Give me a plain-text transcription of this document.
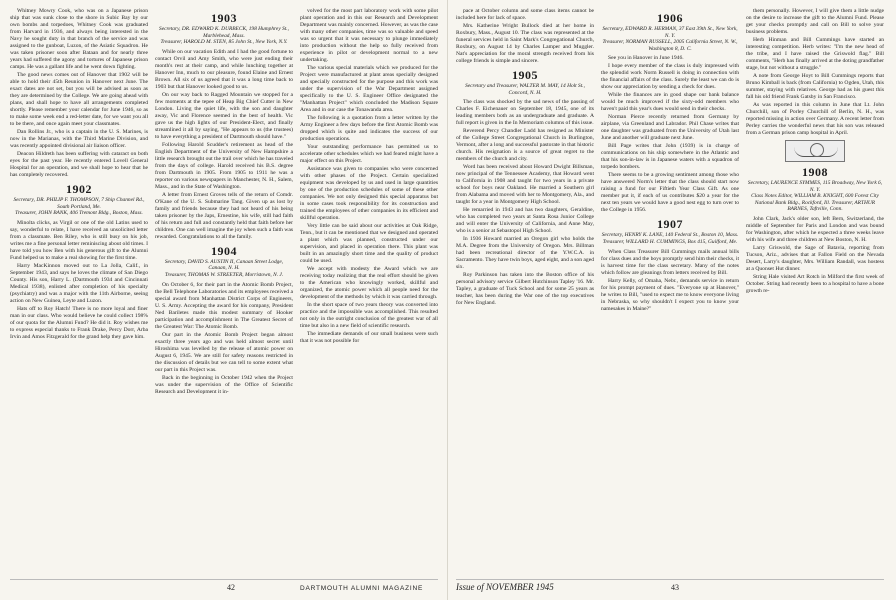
Whitney Mowry Cook, who was on a Japanese prison ship that was sunk close to the shore in Subic Bay by our own bombs and torpedoes, Whitney Cook was graduated from Harvard in 1936, and always being interested in the Navy he sought duty in that branch of the service and was assigned to the gunboat, Luzon, of the Asiatic Squadron. He was taken prisoner soon after Bataan and for nearly three years had suffered the agony and tortures of Japanese prison camps. He was a gallant life and he went down fighting.

The good news comes out of Hanover that 1902 will be able to hold their 45th Reunion in Hanover next June. The exact dates are not set, but you will be advised as soon as they are determined by the College. We are going ahead with plans, and shall hope to have all arrangements completed shortly. Please remember your calendar for June 1946, so as to make some week end a red-letter date, for we want you all to be there, and once again meet your classmates.

Dan Rollins Jr., who is a captain in the U. S. Marines, is now in the Marianas, with the Third Marine Division, and was recently appointed divisional air liaison officer.

Deacon Hildreth has been suffering with cataract on both eyes for the past year. He recently entered Lovell General Hospital for an operation, and we shall hope to hear that he has completely recovered.

1902
Secretary, DR. PHILIP F. THOMPSON, 7 Ship Channel Rd., South Portland, Me.
Treasurer, JOHN BANK, 406 Tremont Bldg., Boston, Mass.

Minolta clicks, as Virgil or one of the old Latins used to say, wonderful to relate, I have received an unsolicited letter from a classmate. Ben Riley, who is still busy on his job, writes me a fine personal letter reminiscing about old times. I have told you how Ben with his generous gift to the Alumni Fund helped us to make a real showing for the first time.

Harry MacKinnon moved out to La Jolla, Calif., in September 1943, and says he loves the climate of San Diego County. His son, Harry L. (Dartmouth 1934 and Cincinnati Medical 1938), enlisted after completion of his specialty (psychiatry) and was a major with the 11th Airborne, seeing action on New Guinea, Leyte and Luzon.

Hats off to Roy Hatch! There is no more loyal and finer man in our class. Who would believe he could collect 198% of our quota for the Alumni Fund? He did it. Roy wishes me to express especial thanks to Frank Drake, Percy Dorr, Arba Irvin and Amos Fitzgerald for the grand help they gave him.

1903
Secretary, DR. EDWARD K. DURBECK, 198 Humphrey St., Marblehead, Mass.
Treasurer, HAROLD M. STEN, 85 John St., New York, N.Y.

While on our vacation Edith and I had the good fortune to contact Orvil and Amy Smith, who were just ending their month's rest at their camp, and while lunching together at Hanover Inn, much to our pleasure, found Elaine and Ernest Brown. All six of us agreed that it was a long time back to 1903 but that Hanover looked good to us.

On our way back to Ragged Mountain we stopped for a few moments at the tepee of Heap Big Chief Cutter in New London. Living the quiet life, with the son and daughter away, Vic and Florence seemed in the best of health. Vic gave us the high lights of our President-Elect, and finally streamlined it all by saying, "He appears to us (the trustees) to have everything a president of Dartmouth should have."

Following Harold Scudder's retirement as head of the English Department of the University of New Hampshire a little research brought out the trail over which he has traveled from the days of college. Harold received his B.S. degree from Dartmouth in 1905. From 1905 to 1911 he was a reporter on various newspapers in Manchester, N. H., Salem, Mass., and in the State of Washington.

A letter from Ernest Groves tells of the return of Comdr. O'Kane of the U. S. Submarine Tang. Given up as lost by family and friends because they had not heard of his being taken prisoner by the Japs, Ernestine, his wife, still had faith of his return and full and constantly held that faith before her children. One can well imagine the joy when such a faith was rewarded. Congratulations to all the family.

1904
Secretary, DAVID S. AUSTIN II, Canaan Street Lodge, Canaan, N. H.
Treasurer, THOMAS W. STREETER, Morristown, N. J.

On October 6, for their part in the Atomic Bomb Project, the Bell Telephone Laboratories and its employees received a special award from Manhattan District Corps of Engineers, U. S. Army. Accepting the award for his company, President Ned Bariletes made this modest summary of Hooker participation and accomplishment in The Greatest Secret of the Greatest War: The Atomic Bomb.

Our part in the Atomic Bomb Project began almost exactly three years ago and was held almost secret until Hiroshima was levelled by the release of atomic power on August 6, 1945. We are still for safety reasons restricted in the discussion of details but we can tell to some extent what our part in this Project was.

Back in the beginning in October 1942 when the Project was under the supervision of the Office of Scientific Research and Development it in-

volved for the most part laboratory work with some pilot plant operation and in this our Research and Development Department was mainly concerned. However, as was the case with many other companies, time was so valuable and speed was so urgent that it was necessary to plunge immediately into production without the help so fully received from experience in pilot or development normal to a new undertaking.

The various special materials which we produced for the Project were manufactured at plant areas specially designed and specially constructed for the purpose and this work was under the supervision of the War Department assigned specifically to the U. S. Engineer Office designated the "Manhattan Project" which concluded the Madison Square Area and in our case the Tonawanda area.

The following is a quotation from a letter written by the Army Engineer a few days before the first Atomic Bomb was dropped which is quite and indicates the success of our production operations.

Your outstanding performance has permitted us to accelerate other schedules which we had feared might have a major effect on this Project.

Assistance was given to companies who were concerned with other phases of the Project. Certain specialized equipment was developed by us and used in large quantities by one of the production schedules of some of these other companies. We not only designed this special apparatus but in some cases took responsibility for its construction and trained the employees of other companies in its efficient and skillful operation.

Very little can be said about our activities at Oak Ridge, Tenn., but it can be mentioned that we designed and operated a plant which was planned, constructed under our supervision, and placed in operation there. This plant was built in an amazingly short time and the quality of product could be used.

We accept with modesty the Award which we are receiving today realizing that the real effort should be given to the American who knowingly worked, skillful and organized, the atomic power which all people need for the development of the methods by which it was carried through.

In the short space of two years theory was converted into practice and the impossible was accomplished. This resulted not only in the outright conclusion of the greatest war of all time but also in a new field of scientific research.

The immediate demands of our small business were such that it was not possible for

42	DARTMOUTH ALUMNI MAGAZINE

pace at October column and some class items cannot be included here for lack of space.

Mrs. Katherine Wright Bullock died at her home in Roxbury, Mass., August 10. The class was represented at the funeral services held in Saint Mark's Congregational Church, Roxbury, on August 14 by Charles Lamper and Muggler. Nat's appreciation for the moral strength received from his college friends is simple and sincere.

1905
Secretary and Treasurer, WALTER M. MAY, 14 Holt St., Concord, N. H.

The class was shocked by the sad news of the passing of Charles F. Eichenauer on September 18, 1945, one of its leading members both as an undergraduate and graduate. A full report is given in the In Memoriam columns of this issue.

Reverend Percy Chandler Ladd has resigned as Minister of the College Street Congregational Church in Burlington, Vermont, after a long and successful pastorate in that historic church. His resignation is a source of great regret to the members of the church and city.

Word has been received about Howard Dwight Billsman, now principal of the Tennessee Academy, that Howard went to California in 1908 and taught for two years in a private school for boys near Oakland. He married a Southern girl from Alabama and moved with her to Montgomery, Ala., and taught for a year in Montgomery High School.

He remarried in 1943 and has two daughters, Geraldine, who has completed two years at Santa Rosa Junior College and will enter the University of California, and Anne May, who is a senior at Sebastopol High School.

In 1936 Howard married an Oregon girl who holds the M.A. Degree from the University of Oregon. Mrs. Billman had been recreational director of the Y.W.C.A. in Sacramento. They have twin boys, aged eight, and a son aged six.

Roy Parkinson has taken into the Boston office of his personal advisory service Gilbert Hutchinson Tapley '16. Mr. Tapley, a graduate of Tuck School and for some 25 years as teacher, has been during the War one of the top executives for New England.

1906
Secretary, EDWARD R. HERMAN, 37 East 39th St., New York, N. Y.
Treasurer, NORMAN RUSSELL, 2005 California Street, N. W., Washington 8, D. C.

See you in Hanover in June 1946.

I hope every member of the class is duly impressed with the splendid work Norm Russell is doing in connection with the financial affairs of the class. Surely the least we can do is show our appreciation by sending a check for dues.

While the finances are in good shape our bank balance would be much improved if the sixty-odd members who haven't paid this year's dues would send in their checks.

Norman Pierce recently returned from Germany by airplane, via Greenland and Labrador. Phil Chase writes that one daughter was graduated from the University of Utah last June and another will graduate next June.

Bill Page writes that John (1939) is in charge of communications on his ship somewhere in the Atlantic and that his son-in-law is in Japanese waters with a squadron of torpedo bombers.

There seems to be a growing sentiment among those who have answered Norm's letter that the class should start now raising a fund for our Fiftieth Year Class Gift. As one member put it, if each of us contributes $20 a year for the next ten years we would have a good nest egg to turn over to the College in 1956.

1907
Secretary, HENRY K. LANE, 140 Federal St., Boston 10, Mass.
Treasurer, WILLARD H. CUMMINGS, Box 415, Guilford, Me.

When Class Treasurer Bill Cummings mails annual bills for class dues and the boys promptly send him their checks, it is harvest time for the class secretary. Many of the notes which follow are gleanings from letters received by Bill.

Harry Kelly, of Omaha, Nebr., demands service in return for his prompt payment of dues. "Everyone up at Hanover," he writes to Bill, "used to expect me to know everyone living in Nebraska, so why shouldn't I expect you to know your namesakes in Maine?"

them personally. However, I will give them a little nudge on the desire to increase the gift to the Alumni Fund. Please get your checks promptly and call on Bill to solve your business problems.

Herb Hinman and Bill Cummings have started an interesting competition. Herb writes: "I'm the new head of the tribe, and I have raised the Griswold flag." Bill comments, "Herb has finally arrived at the doting grandfather stage, but not without a struggle."

A note from George Hoyt to Bill Cummings reports that Bruno Kimball is back (from California) to Ogden, Utah, this summer, staying with relatives. George had as his guest this fall his old friend Frank Gatsby in San Francisco.

As was reported in this column in June that Lt. John Churchill, son of Porley Churchill of Berlin, N. H., was reported missing in action over Germany. A recent letter from Perley carries the wonderful news that his son was released from a German prison camp hospital in April.

1908
Secretary, LAURENCE SYMMES, 115 Broadway, New York 6, N. Y.
Class Notes Editor, WILLIAM B. KNIGHT, 600 Forest City National Bank Bldg., Rockford, Ill. Treasurer, ARTHUR BARNES, Taftville, Conn.

John Clark, Jack's older son, left Bern, Switzerland, the middle of September for Paris and London and was bound for Washington, after which he expected a three weeks leave with his wife and three children at New Boston, N. H.

Larry Griswold, the Sage of Batavia, reporting from Tucson, Ariz., advises that at Fallon Field on the Nevada Desert, Larry's daughter, Mrs. William Randall, was hostess at a Quonset Hut dinner.

String Hale visited Art Rotch in Milford the first week of October. String had recently been to a hospital to have a bone growth re-

Issue of NOVEMBER 1945	43
